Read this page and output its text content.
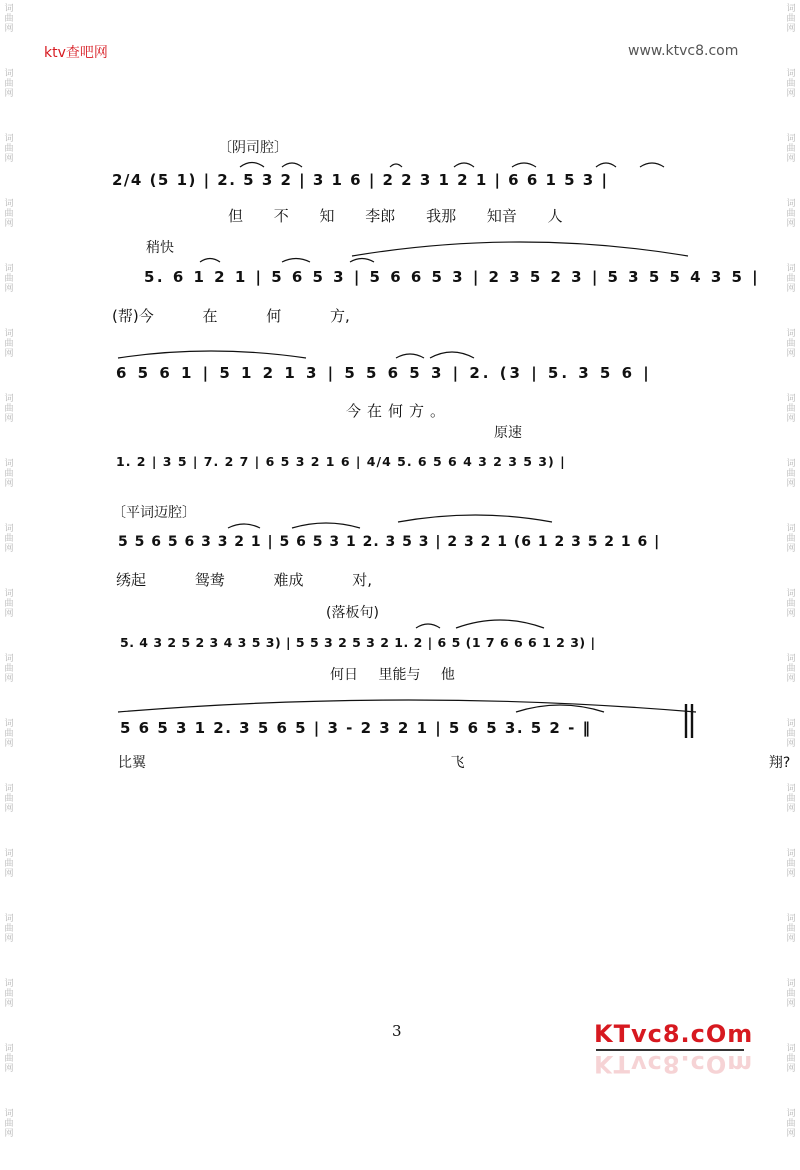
词
曲
网
词
曲
网
词
曲
网
词
曲
网
词
曲
网
词
曲
网
词
曲
网
词
曲
网
词
曲
网
词
曲
网
词
曲
网
词
曲
网
词
曲
网
词
曲
网
词
曲
网
词
曲
网
词
曲
网
词
曲
网
词
曲
网
词
曲
网
词
曲
网
词
曲
网
词
曲
网
词
曲
网
词
曲
网
词
曲
网
词
曲
网
词
曲
网
词
曲
网
词
曲
网
词
曲
网
词
曲
网
词
曲
网
词
曲
网
词
曲
网
词
曲
网
ktv查吧网	www.ktvc8.com
〔阴司腔〕
2/4 (5 1) | 2. 5 3 2 | 3 1 6 | 2 2 3 1 2 1 | 6 6 1 5 3 |
但 不 知 李郎 我那 知音 人
稍快
5. 6 1 2 1 | 5 6 5 3 | 5 6 6 5 3 | 2 3 5 2 3 | 5 3 5 5 4 3 5 |
(帮)今 在 何 方,
6 5 6 1 | 5 1 2 1 3 | 5 5 6 5 3 | 2. (3 | 5. 3 5 6 |
今在何方。
原速
1. 2 | 3 5 | 7. 2 7 | 6 5 3 2 1 6 | 4/4 5. 6 5 6 4 3 2 3 5 3) |
〔平词迈腔〕
5 5 6 5 6 3 3 2 1 | 5 6 5 3 1 2. 3 5 3 | 2 3 2 1 (6 1 2 3 5 2 1 6 |
绣起 鸳鸯 难成 对,
(落板句)
5. 4 3 2 5 2 3 4 3 5 3) | 5 5 3 2 5 3 2 1. 2 | 6 5 (1 7 6 6 6 1 2 3) |
何日 里能与 他
5 6 5 3 1 2. 3 5 6 5 | 3 - 2 3 2 1 | 5 6 5 3. 5 2 - ‖
比翼 飞 翔?
3	KTvc8.cOm
KTvc8.cOm
